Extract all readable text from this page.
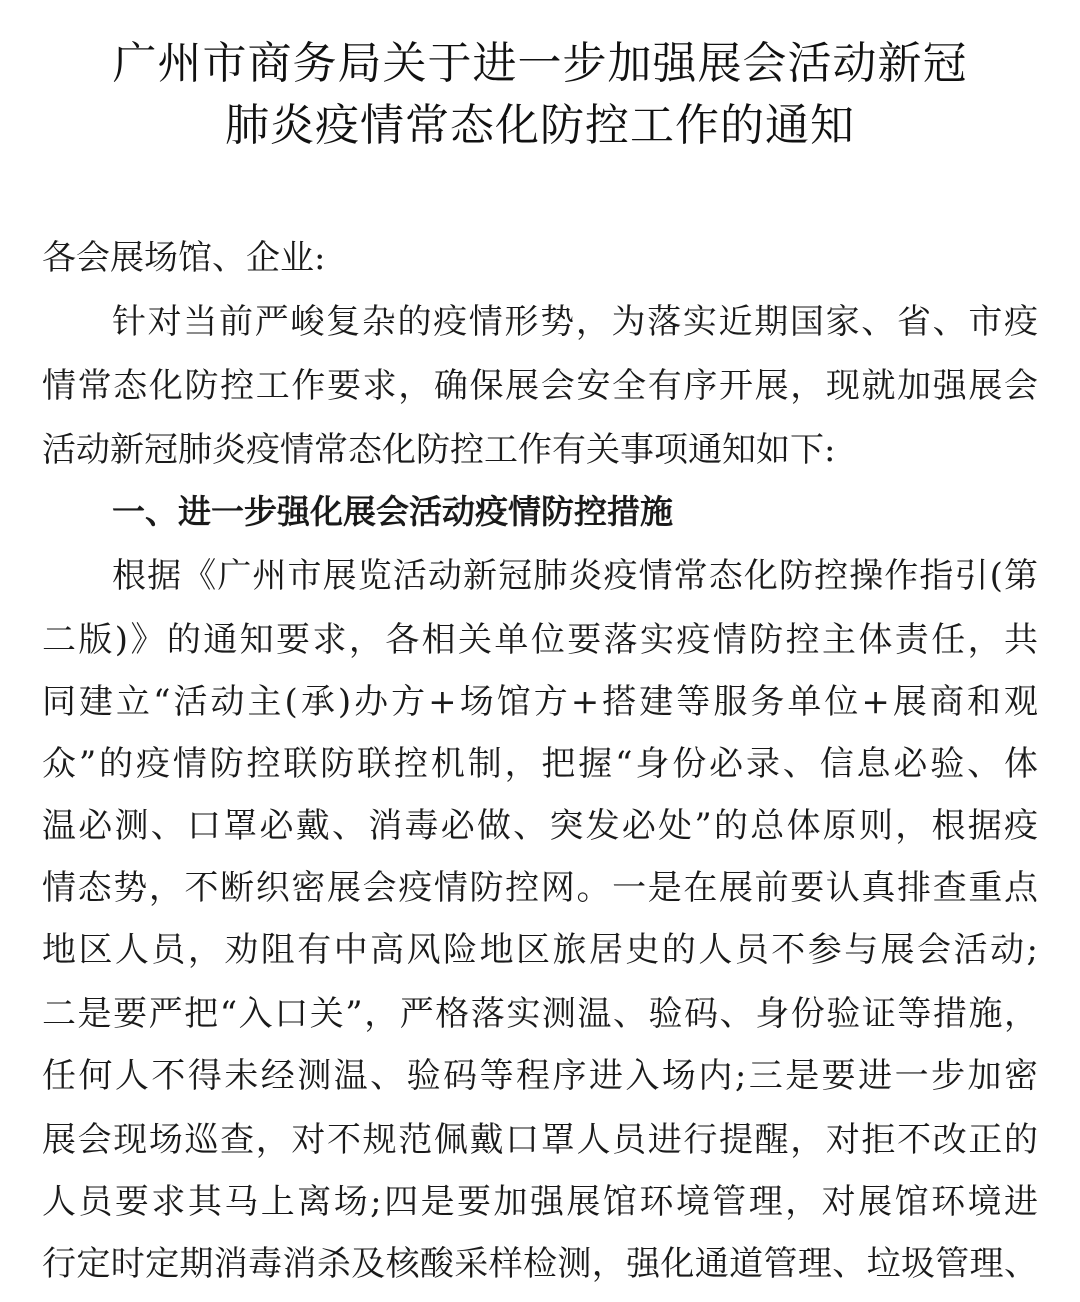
广州市商务局关于进一步加强展会活动新冠
肺炎疫情常态化防控工作的通知
各会展场馆、企业:
针对当前严峻复杂的疫情形势，为落实近期国家、省、市疫
情常态化防控工作要求，确保展会安全有序开展，现就加强展会
活动新冠肺炎疫情常态化防控工作有关事项通知如下:
一、进一步强化展会活动疫情防控措施
根据《广州市展览活动新冠肺炎疫情常态化防控操作指引(第
二版)》的通知要求，各相关单位要落实疫情防控主体责任，共
同建立“活动主(承)办方+场馆方+搭建等服务单位+展商和观
众”的疫情防控联防联控机制，把握“身份必录、信息必验、体
温必测、口罩必戴、消毒必做、突发必处”的总体原则，根据疫
情态势，不断织密展会疫情防控网。一是在展前要认真排查重点
地区人员，劝阻有中高风险地区旅居史的人员不参与展会活动;
二是要严把“入口关”，严格落实测温、验码、身份验证等措施，
任何人不得未经测温、验码等程序进入场内;三是要进一步加密
展会现场巡查，对不规范佩戴口罩人员进行提醒，对拒不改正的
人员要求其马上离场;四是要加强展馆环境管理，对展馆环境进
行定时定期消毒消杀及核酸采样检测，强化通道管理、垃圾管理、
